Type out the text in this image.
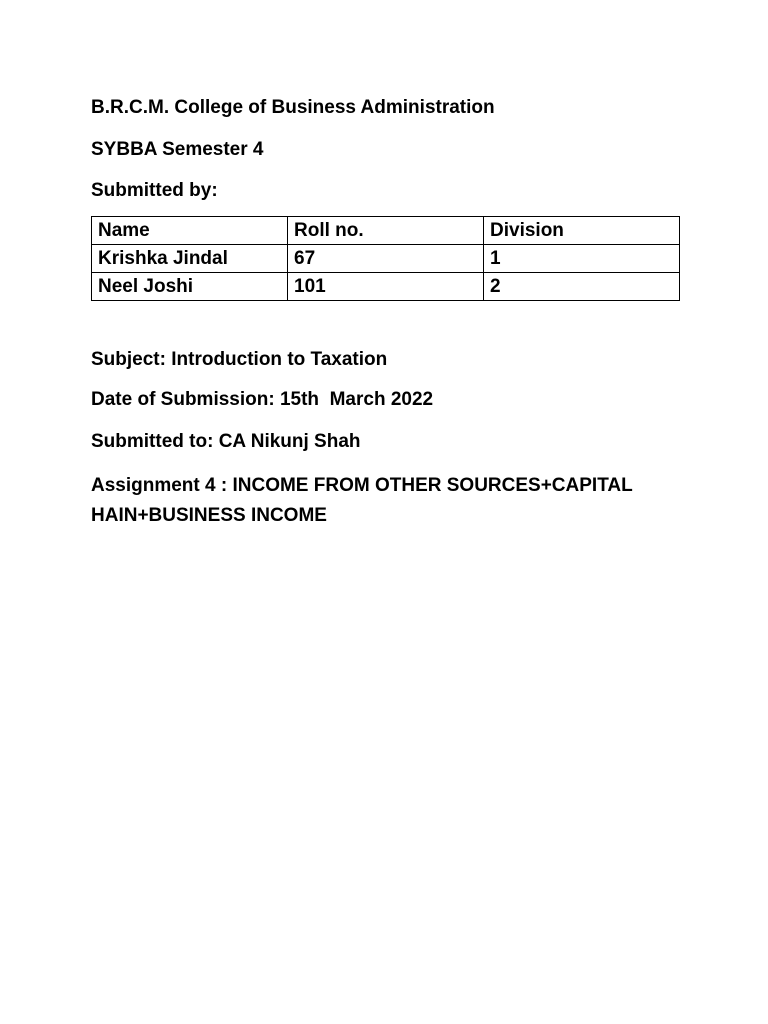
B.R.C.M. College of Business Administration
SYBBA Semester 4
Submitted by:
Name	Roll no.	Division
Krishka Jindal	67	1
Neel Joshi	101	2
Subject: Introduction to Taxation
Date of Submission: 15th  March 2022
Submitted to: CA Nikunj Shah
Assignment 4 : INCOME FROM OTHER SOURCES+CAPITAL
HAIN+BUSINESS INCOME
